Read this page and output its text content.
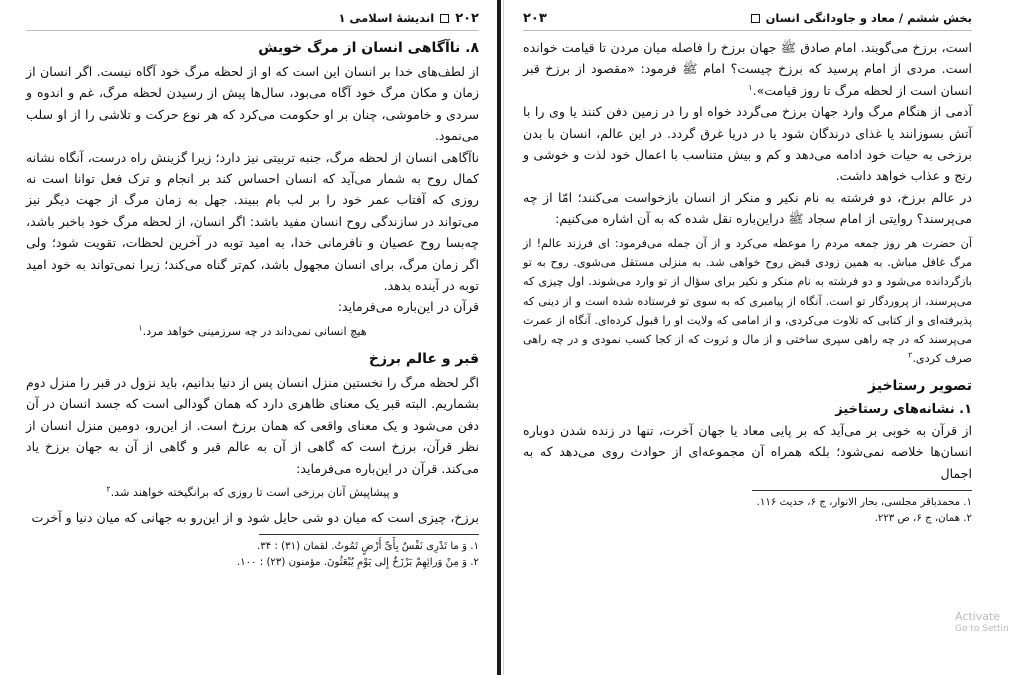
۲۰۲
اندیشهٔ اسلامی ۱
۸. ناآگاهی انسان از مرگ خویش

از لطف‌های خدا بر انسان این است که او از لحظه مرگ خود آگاه نیست. اگر انسان از زمان و مکان مرگ خود آگاه می‌بود، سال‌ها پیش از رسیدن لحظه مرگ، غم و اندوه و سردی و خاموشی، چنان بر او حکومت می‌کرد که هر نوع حرکت و تلاشی را از او سلب می‌نمود.

ناآگاهی انسان از لحظه مرگ، جنبه تربیتی نیز دارد؛ زیرا گزینش راه درست، آنگاه نشانه کمال روح به شمار می‌آید که انسان احساس کند بر انجام و ترک فعل توانا است نه روزی که آفتاب عمر خود را بر لب بام ببیند. جهل به زمان مرگ از جهت دیگر نیز می‌تواند در سازندگی روح انسان مفید باشد: اگر انسان، از لحظه مرگ خود باخبر باشد، چه‌بسا روح عصیان و نافرمانی خدا، به امید توبه در آخرین لحظات، تقویت شود؛ ولی اگر زمان مرگ، برای انسان مجهول باشد، کم‌تر گناه می‌کند؛ زیرا نمی‌تواند به خود امید توبه در آینده بدهد.

قرآن در این‌باره می‌فرماید:

هیچ انسانی نمی‌داند در چه سرزمینی خواهد مرد.$^۱$

قبر و عالم برزخ

اگر لحظه مرگ را نخستین منزل انسان پس از دنیا بدانیم، باید نزول در قبر را منزل دوم بشماریم. البته قبر یک معنای ظاهری دارد که همان گودالی است که جسد انسان در آن دفن می‌شود و یک معنای واقعی که همان برزخ است. از این‌رو، دومین منزل انسان از نظر قرآن، برزخ است که گاهی از آن به عالم قبر و گاهی از آن به جهان برزخ یاد می‌کند. قرآن در این‌باره می‌فرماید:

و پیشاپیش آنان برزخی است تا روزی که برانگیخته خواهند شد.$^۲$

برزخ، چیزی است که میان دو شی حایل شود و از این‌رو به جهانی که میان دنیا و آخرت

۱. وَ ما تَدْرِی نَفْسٌ بِأَیِّ أَرْضٍ تَمُوتُ. لقمان (۳۱) : ۳۴.

۲. وَ مِنْ وَرائِهِمْ بَرْزَخٌ إِلی یَوْمِ یُبْعَثُونَ. مؤمنون (۲۳) : ۱۰۰.

بخش ششم / معاد و جاودانگی انسان
۲۰۳

است، برزخ می‌گویند. امام صادق ﷺ جهان برزخ را فاصله میان مردن تا قیامت خوانده است. مردی از امام پرسید که برزخ چیست؟ امام ﷺ فرمود: «مقصود از برزخ قبر انسان است از لحظه مرگ تا روز قیامت».$^۱$

آدمی از هنگام مرگ وارد جهان برزخ می‌گردد خواه او را در زمین دفن کنند یا وی را با آتش بسوزانند یا غذای درندگان شود یا در دریا غرق گردد. در این عالم، انسان با بدن برزخی به حیات خود ادامه می‌دهد و کم و بیش متناسب با اعمال خود لذت و خوشی و رنج و عذاب خواهد داشت.

در عالم برزخ، دو فرشته به نام نکیر و منکر از انسان بازخواست می‌کنند؛ امّا از چه می‌پرسند؟ روایتی از امام سجاد ﷺ دراین‌باره نقل شده که به آن اشاره می‌کنیم:

آن حضرت هر روز جمعه مردم را موعظه می‌کرد و از آن جمله می‌فرمود: ای فرزند عالم! از مرگ غافل مباش. به همین زودی قبض روح خواهی شد. به منزلی مستقل می‌شوی. روح به تو بازگردانده می‌شود و دو فرشته به نام منکر و نکیر برای سؤال از تو وارد می‌شوند. اول چیزی که می‌پرسند، از پروردگار تو است. آنگاه از پیامبری که به سوی تو فرستاده شده است و از دینی که پذیرفته‌ای و از کتابی که تلاوت می‌کردی، و از امامی که ولایت او را قبول کرده‌ای. آنگاه از عمرت می‌پرسند که در چه راهی سپری ساختی و از مال و ثروت که از کجا کسب نمودی و در چه راهی صرف کردی.$^۲$

تصویر رستاخیز
۱. نشانه‌های رستاخیز

از قرآن به خوبی بر می‌آید که بر پایی معاد یا جهان آخرت، تنها در زنده شدن دوباره انسان‌ها خلاصه نمی‌شود؛ بلکه همراه آن مجموعه‌ای از حوادث روی می‌دهد که به اجمال

۱. محمدباقر مجلسی، بحار الانوار، ج ۶، حدیث ۱۱۶.

۲. همان، ج ۶، ص ۲۲۳.

Activate
Go to Settin
